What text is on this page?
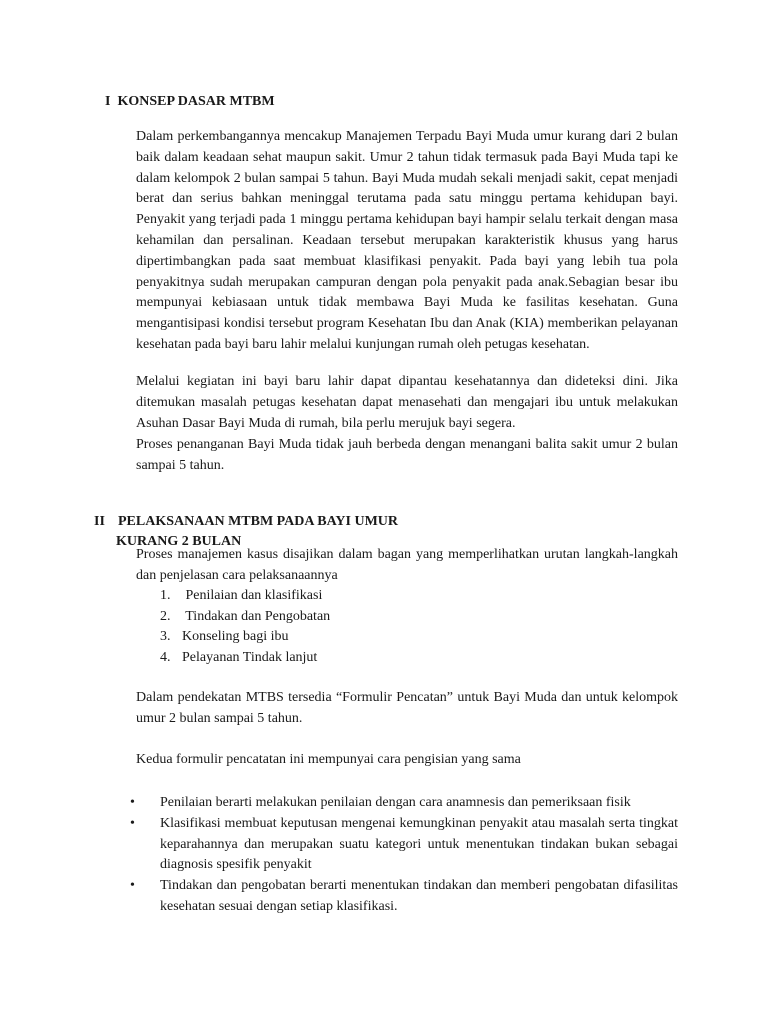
I KONSEP DASAR MTBM

Dalam perkembangannya mencakup Manajemen Terpadu Bayi Muda umur kurang dari 2 bulan baik dalam keadaan sehat maupun sakit. Umur 2 tahun tidak termasuk pada Bayi Muda tapi ke dalam kelompok 2 bulan sampai 5 tahun. Bayi Muda mudah sekali menjadi sakit, cepat menjadi berat dan serius bahkan meninggal terutama pada satu minggu pertama kehidupan bayi. Penyakit yang terjadi pada 1 minggu pertama kehidupan bayi hampir selalu terkait dengan masa kehamilan dan persalinan. Keadaan tersebut merupakan karakteristik khusus yang harus dipertimbangkan pada saat membuat klasifikasi penyakit. Pada bayi yang lebih tua pola penyakitnya sudah merupakan campuran dengan pola penyakit pada anak.Sebagian besar ibu mempunyai kebiasaan untuk tidak membawa Bayi Muda ke fasilitas kesehatan. Guna mengantisipasi kondisi tersebut program Kesehatan Ibu dan Anak (KIA) memberikan pelayanan kesehatan pada bayi baru lahir melalui kunjungan rumah oleh petugas kesehatan.

Melalui kegiatan ini bayi baru lahir dapat dipantau kesehatannya dan dideteksi dini. Jika ditemukan masalah petugas kesehatan dapat menasehati dan mengajari ibu untuk melakukan Asuhan Dasar Bayi Muda di rumah, bila perlu merujuk bayi segera.

Proses penanganan Bayi Muda tidak jauh berbeda dengan menangani balita sakit umur 2 bulan sampai 5 tahun.

II PELAKSANAAN MTBM PADA BAYI UMUR
KURANG 2 BULAN

Proses manajemen kasus disajikan dalam bagan yang memperlihatkan urutan langkah-langkah dan penjelasan cara pelaksanaannya

1. Penilaian dan klasifikasi
2. Tindakan dan Pengobatan
3. Konseling bagi ibu
4. Pelayanan Tindak lanjut

Dalam pendekatan MTBS tersedia “Formulir Pencatan” untuk Bayi Muda dan untuk kelompok umur 2 bulan sampai 5 tahun.

Kedua formulir pencatatan ini mempunyai cara pengisian yang sama

• Penilaian berarti melakukan penilaian dengan cara anamnesis dan pemeriksaan fisik
• Klasifikasi membuat keputusan mengenai kemungkinan penyakit atau masalah serta tingkat keparahannya dan merupakan suatu kategori untuk menentukan tindakan bukan sebagai diagnosis spesifik penyakit
• Tindakan dan pengobatan berarti menentukan tindakan dan memberi pengobatan difasilitas kesehatan sesuai dengan setiap klasifikasi.
